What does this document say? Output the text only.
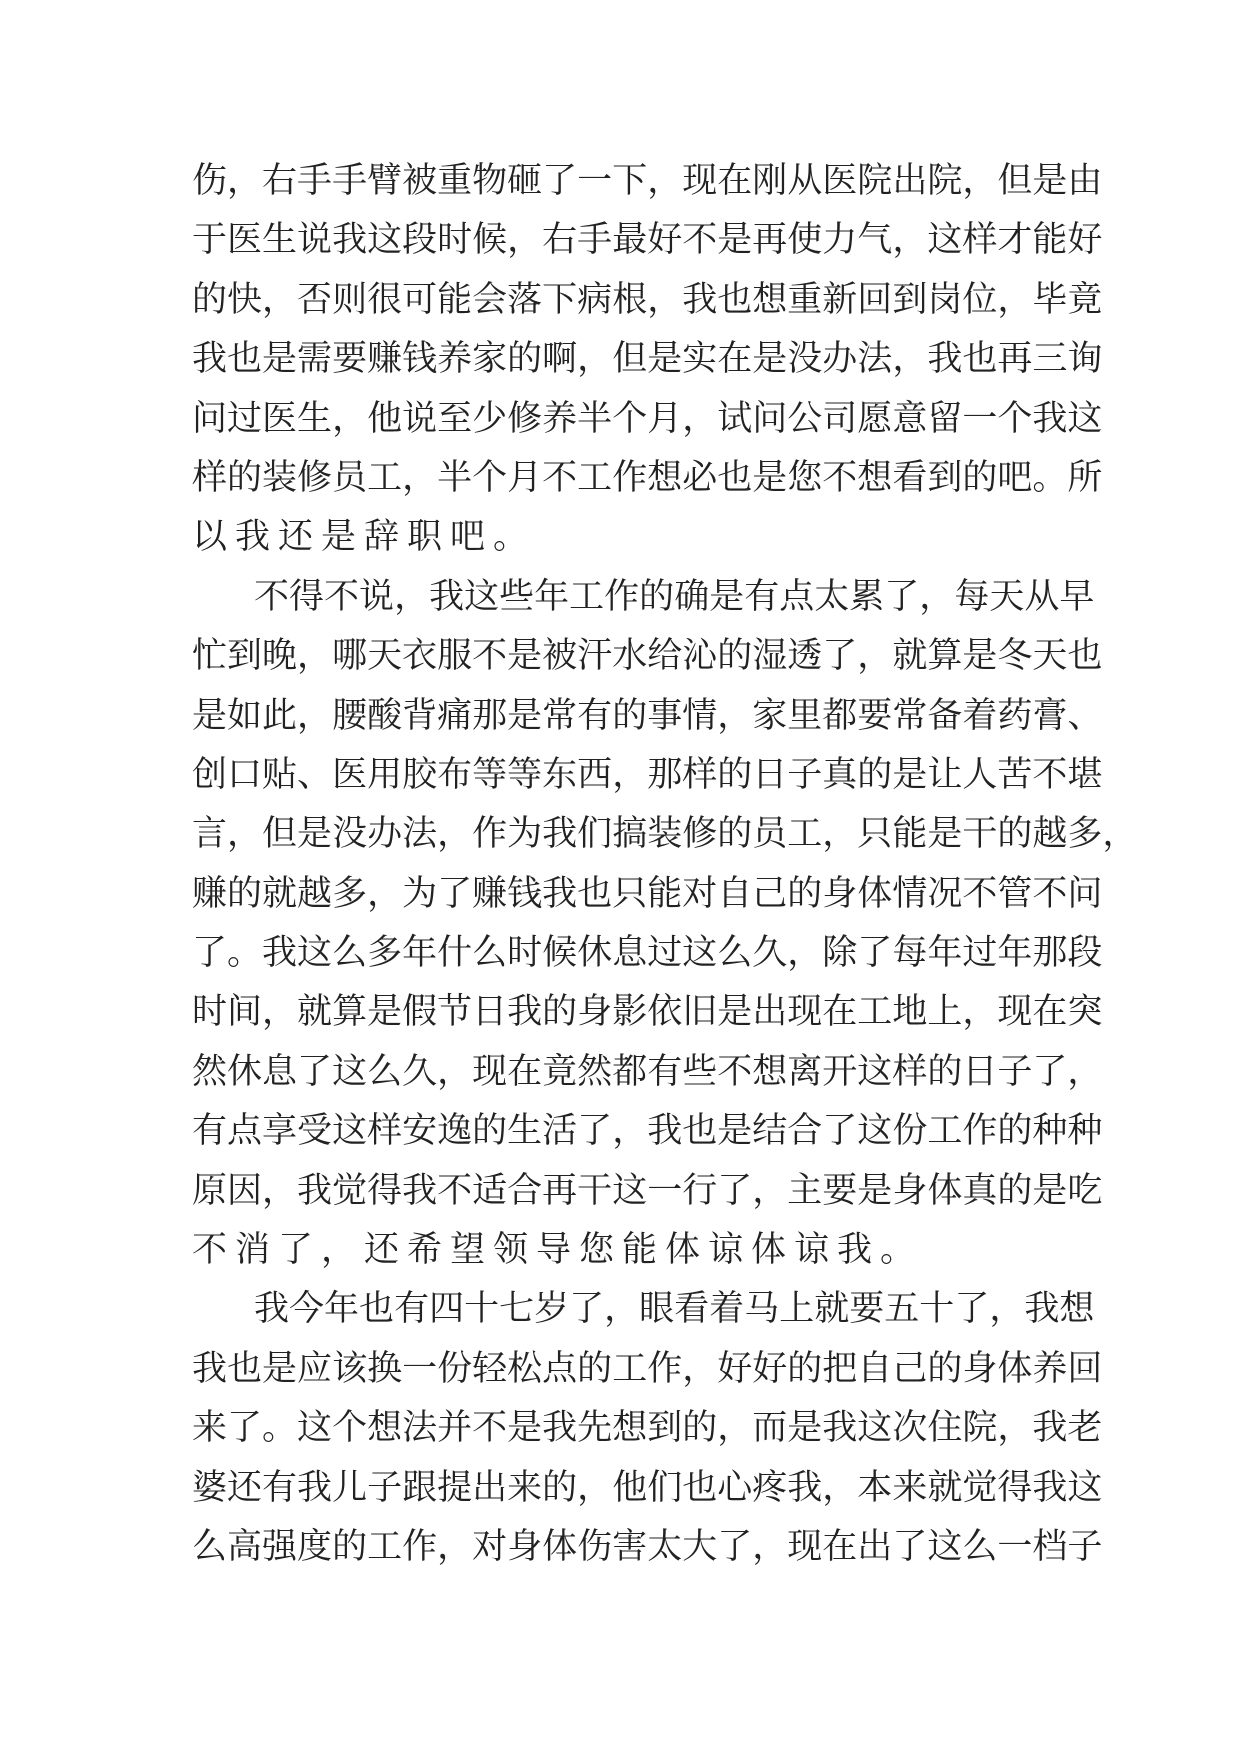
伤 ， 右 手 手 臂 被 重 物 砸 了 一 下 ， 现 在 刚 从 医 院 出 院 ， 但 是 由
于 医 生 说 我 这 段 时 候 ， 右 手 最 好 不 是 再 使 力 气 ， 这 样 才 能 好
的 快 ， 否 则 很 可 能 会 落 下 病 根 ， 我 也 想 重 新 回 到 岗 位 ， 毕 竟
我 也 是 需 要 赚 钱 养 家 的 啊 ， 但 是 实 在 是 没 办 法 ， 我 也 再 三 询
问 过 医 生 ， 他 说 至 少 修 养 半 个 月 ， 试 问 公 司 愿 意 留 一 个 我 这
样 的 装 修 员 工 ， 半 个 月 不 工 作 想 必 也 是 您 不 想 看 到 的 吧 。 所
以我还是辞职吧。
不 得 不 说 ， 我 这 些 年 工 作 的 确 是 有 点 太 累 了 ， 每 天 从 早
忙 到 晚 ， 哪 天 衣 服 不 是 被 汗 水 给 沁 的 湿 透 了 ， 就 算 是 冬 天 也
是 如 此 ， 腰 酸 背 痛 那 是 常 有 的 事 情 ， 家 里 都 要 常 备 着 药 膏 、
创 口 贴 、 医 用 胶 布 等 等 东 西 ， 那 样 的 日 子 真 的 是 让 人 苦 不 堪
言 ， 但 是 没 办 法 ， 作 为 我 们 搞 装 修 的 员 工 ， 只 能 是 干 的 越 多 ，
赚 的 就 越 多 ， 为 了 赚 钱 我 也 只 能 对 自 己 的 身 体 情 况 不 管 不 问
了 。 我 这 么 多 年 什 么 时 候 休 息 过 这 么 久 ， 除 了 每 年 过 年 那 段
时 间 ， 就 算 是 假 节 日 我 的 身 影 依 旧 是 出 现 在 工 地 上 ， 现 在 突
然 休 息 了 这 么 久 ， 现 在 竟 然 都 有 些 不 想 离 开 这 样 的 日 子 了 ，
有 点 享 受 这 样 安 逸 的 生 活 了 ， 我 也 是 结 合 了 这 份 工 作 的 种 种
原 因 ， 我 觉 得 我 不 适 合 再 干 这 一 行 了 ， 主 要 是 身 体 真 的 是 吃
不消了，还希望领导您能体谅体谅我。
我 今 年 也 有 四 十 七 岁 了 ， 眼 看 着 马 上 就 要 五 十 了 ， 我 想
我 也 是 应 该 换 一 份 轻 松 点 的 工 作 ， 好 好 的 把 自 己 的 身 体 养 回
来 了 。 这 个 想 法 并 不 是 我 先 想 到 的 ， 而 是 我 这 次 住 院 ， 我 老
婆 还 有 我 儿 子 跟 提 出 来 的 ， 他 们 也 心 疼 我 ， 本 来 就 觉 得 我 这
么 高 强 度 的 工 作 ， 对 身 体 伤 害 太 大 了 ， 现 在 出 了 这 么 一 档 子
